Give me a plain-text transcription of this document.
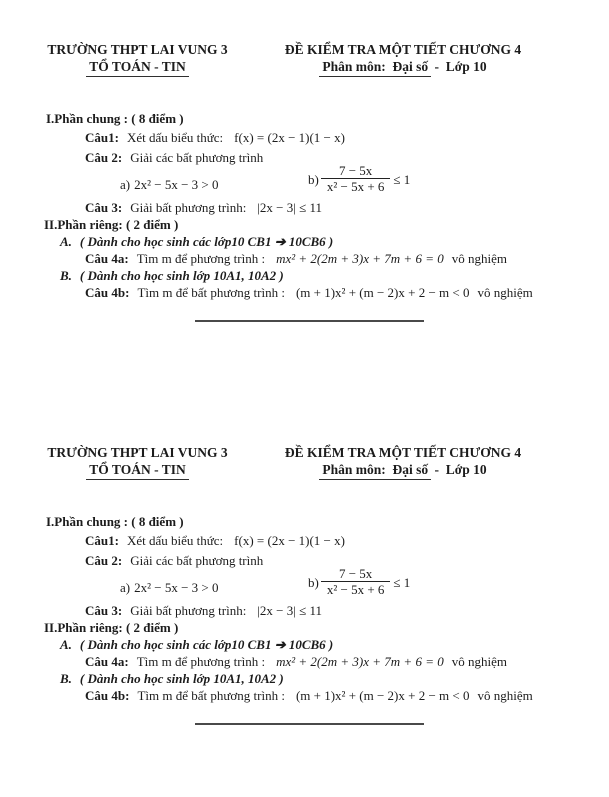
TRƯỜNG THPT LAI VUNG 3
TỔ TOÁN - TIN
ĐỀ KIỂM TRA MỘT TIẾT CHƯƠNG 4
Phân môn:  Đại số -  Lớp 10
I.Phần chung : ( 8 điểm )
Câu1: Xét dấu biểu thức: f(x) = (2x − 1)(1 − x)
Câu 2: Giải các bất phương trình
a) 2x² − 5x − 3 > 0	$b) \frac{7 - 5x}{\text{x² − 5x + 6}} \le 1$
Câu 3: Giải bất phương trình: |2x − 3| ≤ 11
II.Phần riêng: ( 2 điểm )
A. ( Dành cho học sinh các lớp10 CB1 ➔ 10CB6 )
Câu 4a: Tìm m để phương trình : mx² + 2(2m + 3)x + 7m + 6 = 0 vô nghiệm
B. ( Dành cho học sinh lớp 10A1, 10A2 )
Câu 4b: Tìm m để bất phương trình : (m + 1)x² + (m − 2)x + 2 − m < 0 vô nghiệm
TRƯỜNG THPT LAI VUNG 3
TỔ TOÁN - TIN
ĐỀ KIỂM TRA MỘT TIẾT CHƯƠNG 4
Phân môn:  Đại số -  Lớp 10
I.Phần chung : ( 8 điểm )
Câu1: Xét dấu biểu thức: f(x) = (2x − 1)(1 − x)
Câu 2: Giải các bất phương trình
a) 2x² − 5x − 3 > 0	$b) \frac{7 - 5x}{\text{x² − 5x + 6}} \le 1$
Câu 3: Giải bất phương trình: |2x − 3| ≤ 11
II.Phần riêng: ( 2 điểm )
A. ( Dành cho học sinh các lớp10 CB1 ➔ 10CB6 )
Câu 4a: Tìm m để phương trình : mx² + 2(2m + 3)x + 7m + 6 = 0 vô nghiệm
B. ( Dành cho học sinh lớp 10A1, 10A2 )
Câu 4b: Tìm m để bất phương trình : (m + 1)x² + (m − 2)x + 2 − m < 0 vô nghiệm
